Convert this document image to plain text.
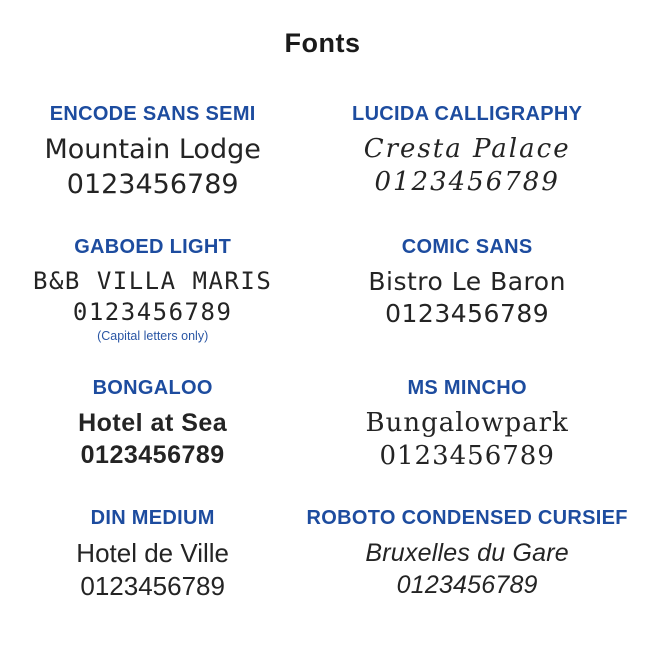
Fonts
ENCODE SANS SEMI
Mountain Lodge
0123456789
LUCIDA CALLIGRAPHY
Cresta Palace
0123456789
GABOED LIGHT
B&B VILLA MARIS
0123456789
(Capital letters only)
COMIC SANS
Bistro Le Baron
0123456789
BONGALOO
Hotel at Sea
0123456789
MS MINCHO
Bungalowpark
0123456789
DIN MEDIUM
Hotel de Ville
0123456789
ROBOTO CONDENSED CURSIEF
Bruxelles du Gare
0123456789
